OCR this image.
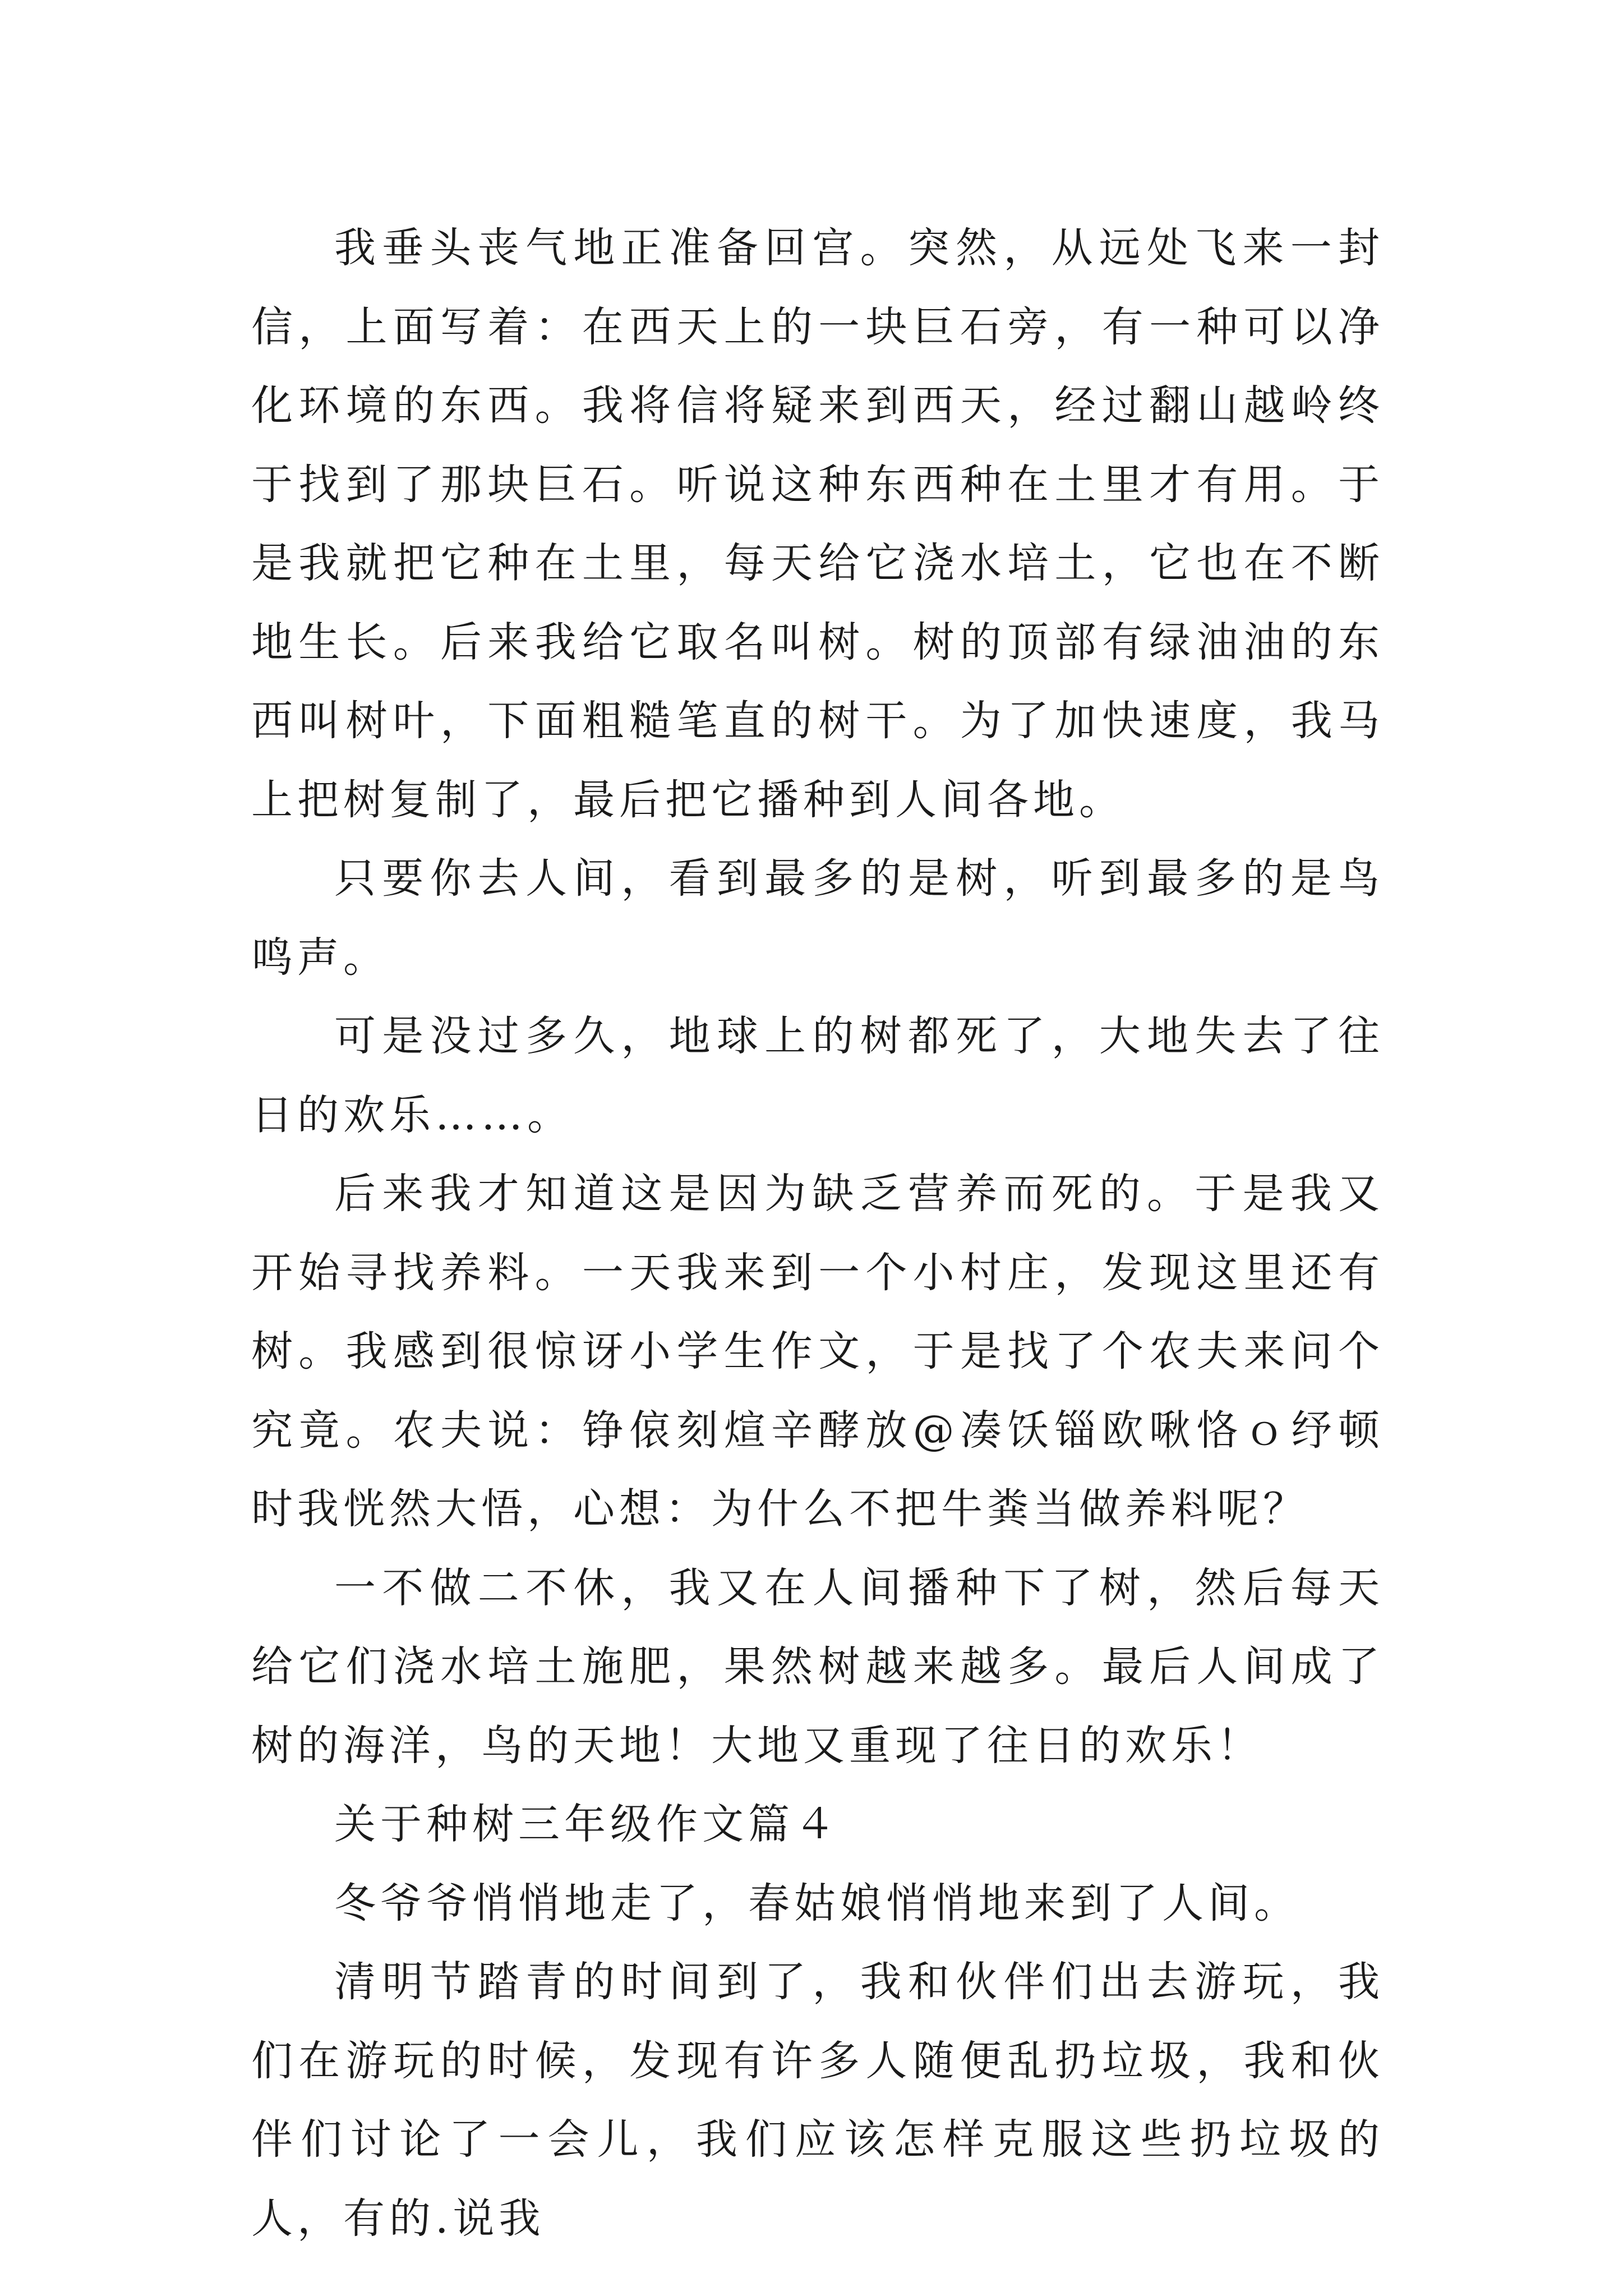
我垂头丧气地正准备回宫。突然，从远处飞来一封信，上面写着：在西天上的一块巨石旁，有一种可以净化环境的东西。我将信将疑来到西天，经过翻山越岭终于找到了那块巨石。听说这种东西种在土里才有用。于是我就把它种在土里，每天给它浇水培土，它也在不断地生长。后来我给它取名叫树。树的顶部有绿油油的东西叫树叶，下面粗糙笔直的树干。为了加快速度，我马上把树复制了，最后把它播种到人间各地。

只要你去人间，看到最多的是树，听到最多的是鸟鸣声。

可是没过多久，地球上的树都死了，大地失去了往日的欢乐……。

后来我才知道这是因为缺乏营养而死的。于是我又开始寻找养料。一天我来到一个小村庄，发现这里还有树。我感到很惊讶小学生作文，于是找了个农夫来问个究竟。农夫说：铮偯刻煊辛酵放@凑饫锱欧啾恪ｏ纾顿时我恍然大悟，心想：为什么不把牛粪当做养料呢？

一不做二不休，我又在人间播种下了树，然后每天给它们浇水培土施肥，果然树越来越多。最后人间成了树的海洋，鸟的天地！大地又重现了往日的欢乐！

关于种树三年级作文篇４

冬爷爷悄悄地走了，春姑娘悄悄地来到了人间。

清明节踏青的时间到了，我和伙伴们出去游玩，我们在游玩的时候，发现有许多人随便乱扔垃圾，我和伙伴们讨论了一会儿，我们应该怎样克服这些扔垃圾的人，有的.说我
